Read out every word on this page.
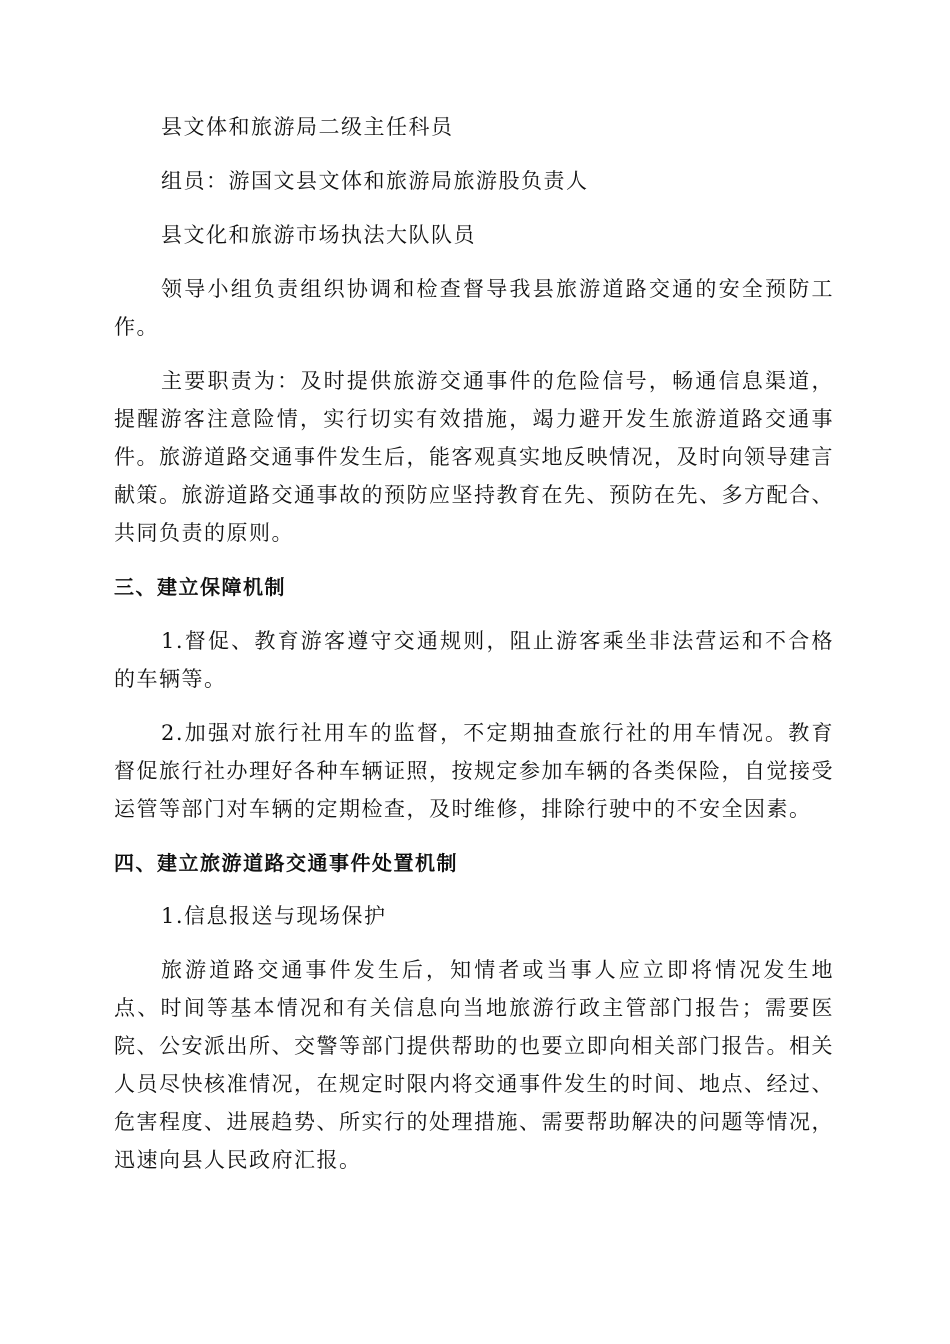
县文体和旅游局二级主任科员

组员：游国文县文体和旅游局旅游股负责人

县文化和旅游市场执法大队队员

领导小组负责组织协调和检查督导我县旅游道路交通的安全预防工作。

主要职责为：及时提供旅游交通事件的危险信号，畅通信息渠道，提醒游客注意险情，实行切实有效措施，竭力避开发生旅游道路交通事件。旅游道路交通事件发生后，能客观真实地反映情况，及时向领导建言献策。旅游道路交通事故的预防应坚持教育在先、预防在先、多方配合、共同负责的原则。

三、建立保障机制

1.督促、教育游客遵守交通规则，阻止游客乘坐非法营运和不合格的车辆等。

2.加强对旅行社用车的监督，不定期抽查旅行社的用车情况。教育督促旅行社办理好各种车辆证照，按规定参加车辆的各类保险，自觉接受运管等部门对车辆的定期检查，及时维修，排除行驶中的不安全因素。

四、建立旅游道路交通事件处置机制

1.信息报送与现场保护

旅游道路交通事件发生后，知情者或当事人应立即将情况发生地点、时间等基本情况和有关信息向当地旅游行政主管部门报告；需要医院、公安派出所、交警等部门提供帮助的也要立即向相关部门报告。相关人员尽快核准情况，在规定时限内将交通事件发生的时间、地点、经过、危害程度、进展趋势、所实行的处理措施、需要帮助解决的问题等情况，迅速向县人民政府汇报。
